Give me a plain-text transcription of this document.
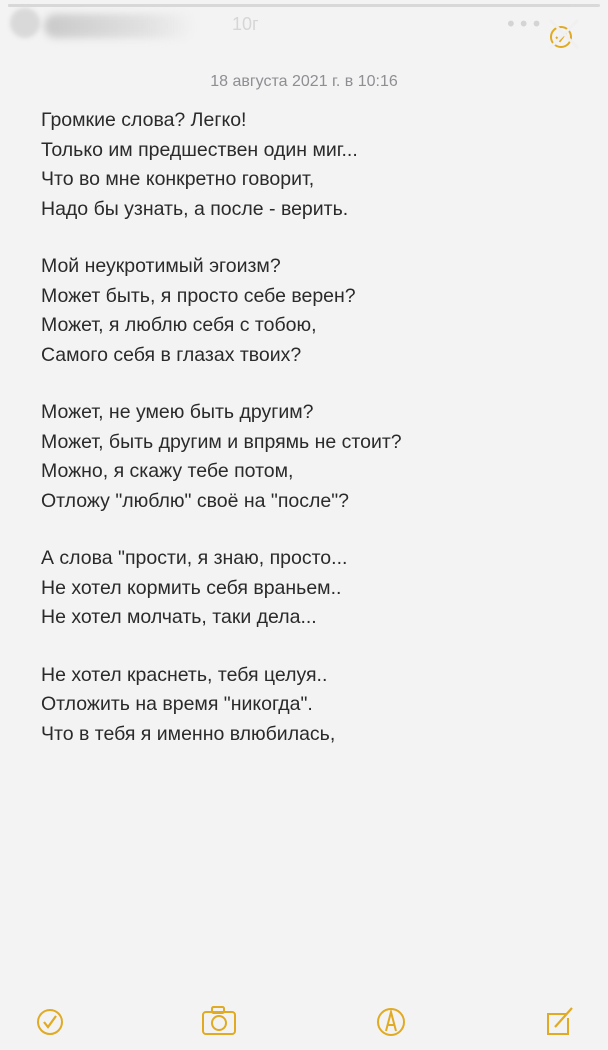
10г	•••
18 августа 2021 г. в 10:16
Громкие слова? Легко!
Только им предшествен один миг...
Что во мне конкретно говорит,
Надо бы узнать, а после - верить.
Мой неукротимый эгоизм?
Может быть, я просто себе верен?
Может, я люблю себя с тобою,
Самого себя в глазах твоих?
Может, не умею быть другим?
Может, быть другим и впрямь не стоит?
Можно, я скажу тебе потом,
Отложу "люблю" своё на "после"?
А слова "прости, я знаю, просто...
Не хотел кормить себя враньем..
Не хотел молчать, таки дела...
Не хотел краснеть, тебя целуя..
Отложить на время "никогда".
Что в тебя я именно влюбилась,
